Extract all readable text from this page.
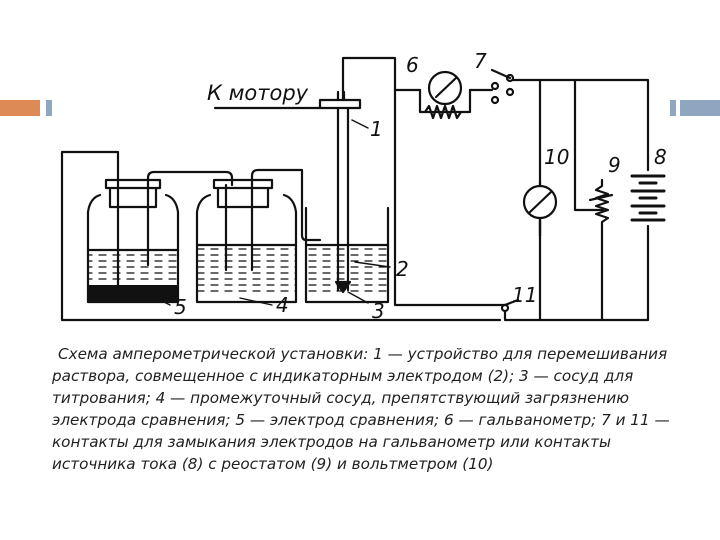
К мотору
1
2
3
4
5
6	7
8
9
10
11

Схема амперометрической установки: 1 — устройство для перемешивания раствора, совмещенное с индикаторным электродом (2); 3 — сосуд для титрования; 4 — промежуточный сосуд, препятствующий загрязнению электрода сравнения; 5 — электрод сравнения; 6 — гальванометр; 7 и 11 — контакты для замыкания электродов на гальванометр или контакты источника тока (8) с реостатом (9) и вольтметром (10)
